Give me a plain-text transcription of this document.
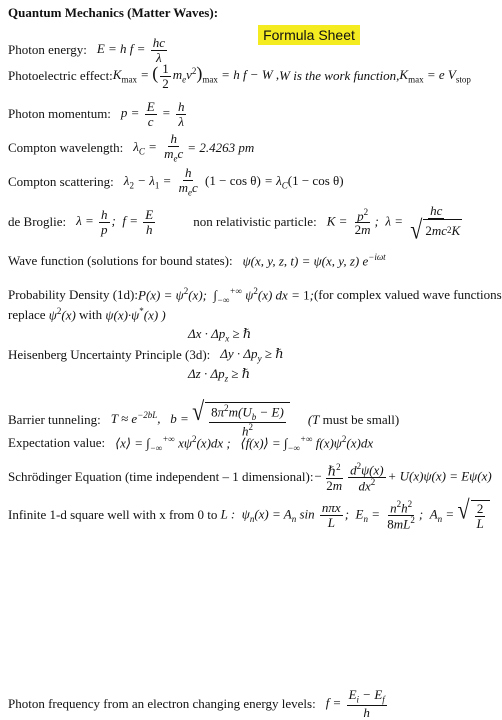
Quantum Mechanics (Matter Waves):
Formula Sheet
Photon energy: E = h $f = \frac{hc}{\lambda}$
Photoelectric effect: $K_{max}$ = ( $\frac{1}{2} m_ev^2)_{max} = h$ f − W , W is the work function, $K_{max} = e$ $V_{stop}$
Photon momentum: $p = \frac{E}{c} = \frac{h}{\lambda}$
Compton wavelength: $\lambda_C = \frac{h}{m_ec} = 2.4263$ pm
Compton scattering: $\lambda_2 - \lambda_1 = \frac{h}{m_ec} (1 - \cos \theta) = \lambda_C(1 - \cos \theta)$
de Broglie: $\lambda = \frac{h}{p}$ ;  $f = \frac{E}{h}$	non relativistic particle: $K = \frac{p^2}{2m}$ ;  $\lambda = \frac{hc}{√ 2 mc 2 K}$
Wave function (solutions for bound states): ψ(x, y, z, t) = ψ(x, y, z) $e^{-i\omega t}$
Probability Density (1d): $P(x) = \psi^2(x)$;  $\int_{-\infty}^{+\infty}$ $\psi^2(x)$ dx = 1; (for complex valued wave functions
replace $\psi^2(x)$ with ψ(x)·ψ*(x) )
$\Delta x \cdot \Delta p_x$ ≥ ℏ
Heisenberg Uncertainty Principle (3d): $\Delta y \cdot \Delta p_y$ ≥ ℏ
$\Delta z \cdot \Delta p_z$ ≥ ℏ
Barrier tunneling: $T \approx e^{-2bL}$,   b = √ $\frac{8\pi^2m(U_b - E)}{h^2} (T$ must be small)
Expectation value: ⟨x⟩ = $\int_{-\infty}^{+\infty}$ $x\psi^2(x)dx$ ;   ⟨f(x)⟩ = $\int_{-\infty}^{+\infty}$ $f(x)\psi^2(x)dx$
Schrödinger Equation (time independent – 1 dimensional): − $\frac{\hbar^2}{2m} \frac{d^2\psi(x)}{dx^2} + U(x)\psi(x) = E\psi(x)$
Infinite 1-d square well with x from 0 to L :  $\psi_n(x) = A_n$ $\sin \frac{\text{nπx}}{L}$ ;  $E_n = \frac{n^2h^2}{8mL^2}$ ;  $A_n$ = √ $\frac{2}{L}$
Photon frequency from an electron changing energy levels: $f = \frac{E_i - E_f}{h}$
